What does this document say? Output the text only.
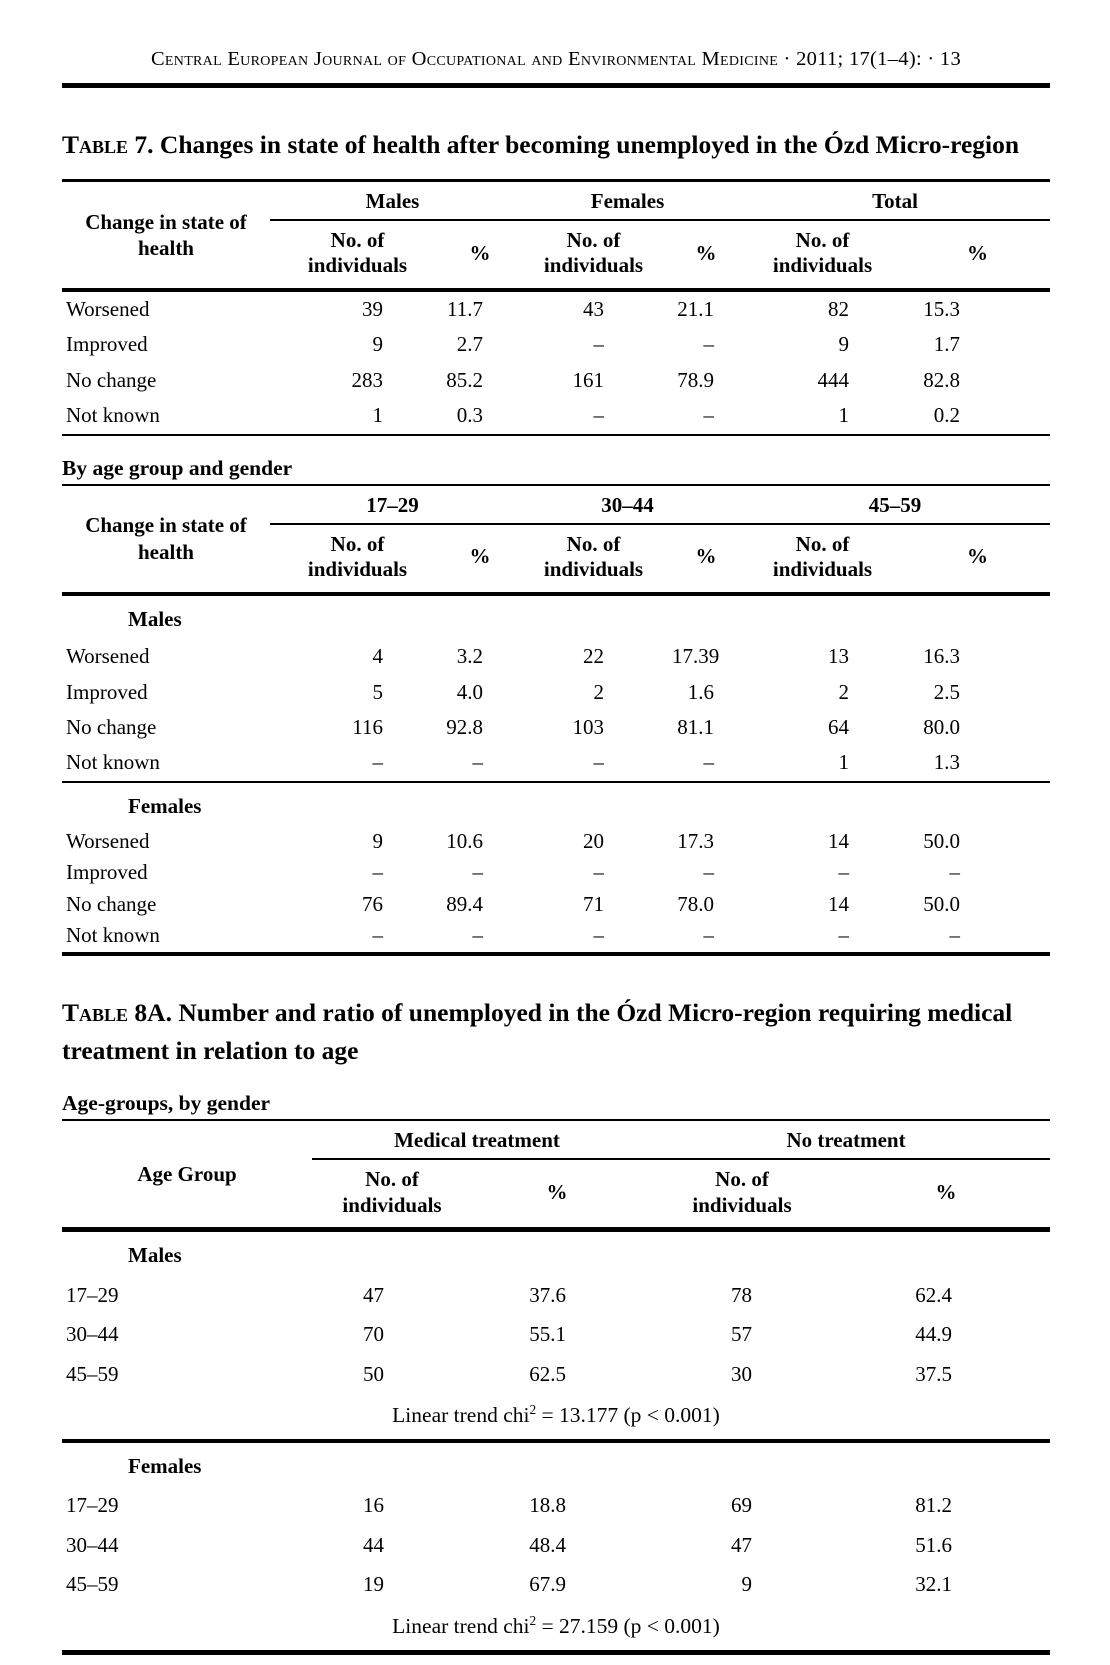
Central European Journal of Occupational and Environmental Medicine · 2011; 17(1–4): · 13

Table 7. Changes in state of health after becoming unemployed in the Ózd Micro-region

Change in state of health	Males		Females		Total	
	No. of individuals	%	No. of individuals	%	No. of individuals	%
Worsened	39	11.7	43	21.1	82	15.3
Improved	9	2.7	–	–	9	1.7
No change	283	85.2	161	78.9	444	82.8
Not known	1	0.3	–	–	1	0.2

By age group and gender

Change in state of health	17–29		30–44		45–59	
	No. of individuals	%	No. of individuals	%	No. of individuals	%
Males						
Worsened	4	3.2	22	17.39	13	16.3
Improved	5	4.0	2	1.6	2	2.5
No change	116	92.8	103	81.1	64	80.0
Not known	–	–	–	–	1	1.3
Females						
Worsened	9	10.6	20	17.3	14	50.0
Improved	–	–	–	–	–	–
No change	76	89.4	71	78.0	14	50.0
Not known	–	–	–	–	–	–

Table 8A. Number and ratio of unemployed in the Ózd Micro-region requiring medical treatment in relation to age

Age-groups, by gender

Age Group	Medical treatment		No treatment	
	No. of individuals	%	No. of individuals	%
Males				
17–29	47	37.6	78	62.4
30–44	70	55.1	57	44.9
45–59	50	62.5	30	37.5
Linear trend chi$^2$ = 13.177 (p < 0.001)				
Females				
17–29	16	18.8	69	81.2
30–44	44	48.4	47	51.6
45–59	19	67.9	9	32.1
Linear trend chi$^2$ = 27.159 (p < 0.001)				
